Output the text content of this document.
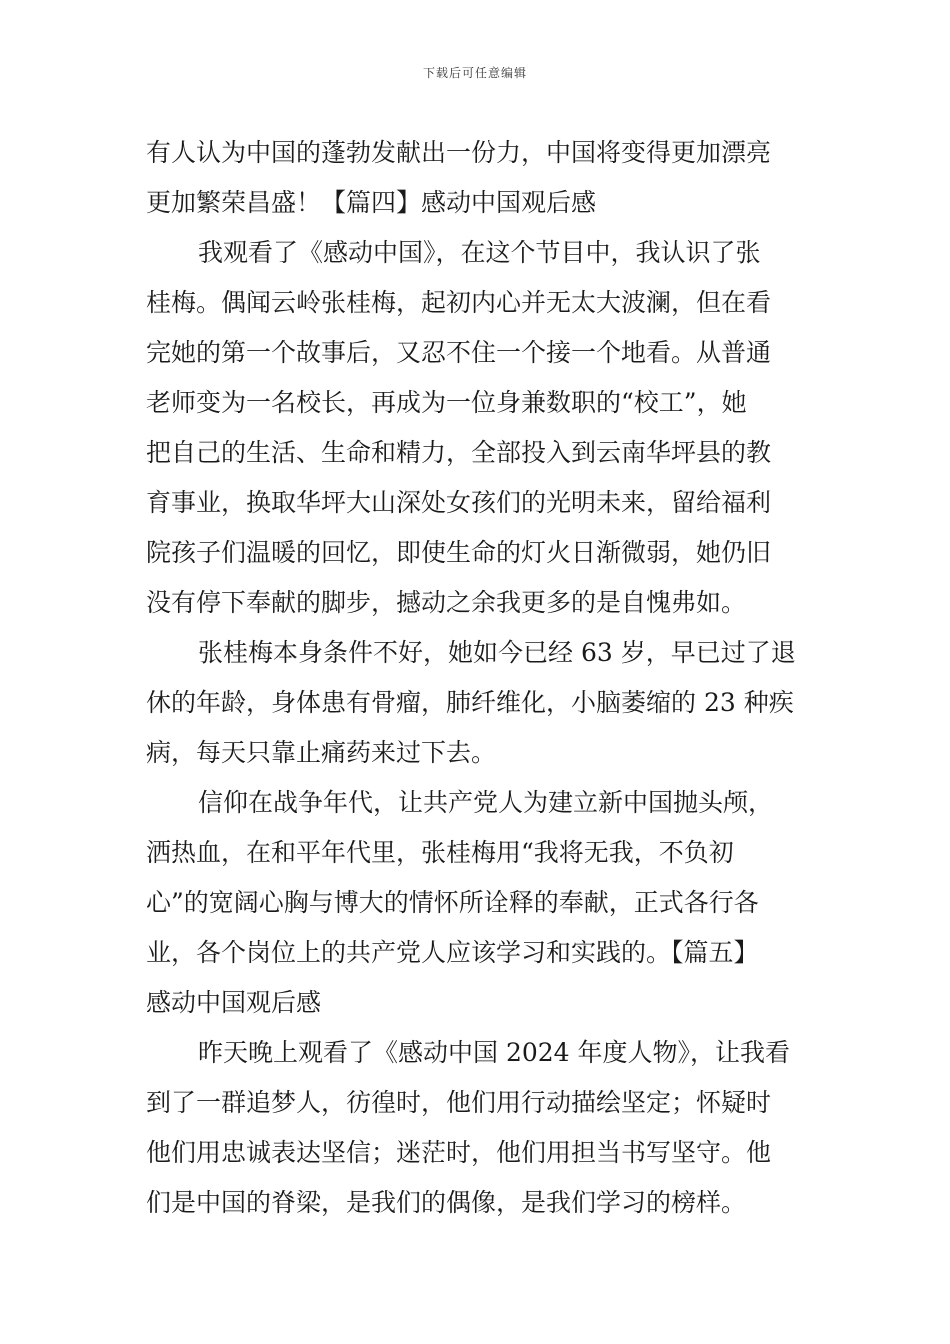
下载后可任意编辑
有人认为中国的蓬勃发献出一份力，中国将变得更加漂亮
更加繁荣昌盛！【篇四】感动中国观后感
我观看了《感动中国》，在这个节目中，我认识了张
桂梅。偶闻云岭张桂梅，起初内心并无太大波澜，但在看
完她的第一个故事后，又忍不住一个接一个地看。从普通
老师变为一名校长，再成为一位身兼数职的“校工”，她
把自己的生活、生命和精力，全部投入到云南华坪县的教
育事业，换取华坪大山深处女孩们的光明未来，留给福利
院孩子们温暖的回忆，即使生命的灯火日渐微弱，她仍旧
没有停下奉献的脚步，撼动之余我更多的是自愧弗如。
张桂梅本身条件不好，她如今已经 63 岁，早已过了退
休的年龄，身体患有骨瘤，肺纤维化，小脑萎缩的 23 种疾
病，每天只靠止痛药来过下去。
信仰在战争年代，让共产党人为建立新中国抛头颅，
洒热血，在和平年代里，张桂梅用“我将无我，不负初
心”的宽阔心胸与博大的情怀所诠释的奉献，正式各行各
业，各个岗位上的共产党人应该学习和实践的。【篇五】
感动中国观后感
昨天晚上观看了《感动中国 2024 年度人物》，让我看
到了一群追梦人，彷徨时，他们用行动描绘坚定；怀疑时
他们用忠诚表达坚信；迷茫时，他们用担当书写坚守。他
们是中国的脊梁，是我们的偶像，是我们学习的榜样。
